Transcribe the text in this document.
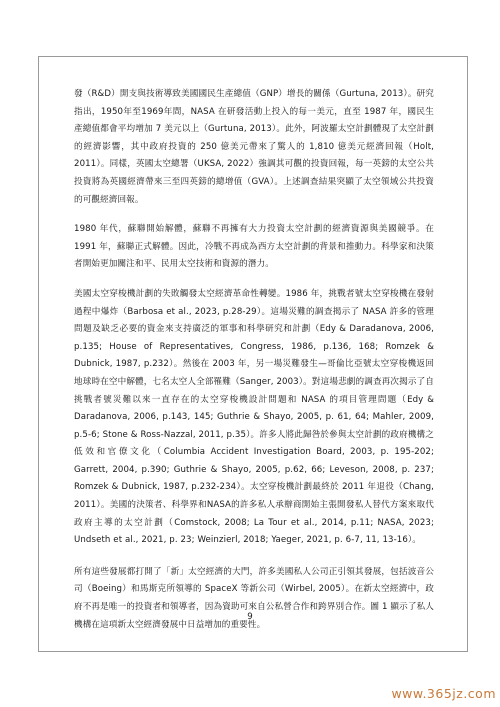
發（R&D）開支與技術導致美國國民生產總值（GNP）增長的關係（Gurtuna, 2013）。研究指出，1950年至1969年間，NASA 在研發活動上投入的每一美元，直至 1987 年，國民生產總值都會平均增加 7 美元以上（Gurtuna, 2013）。此外，阿波羅太空計劃體現了太空計劃的經濟影響，其中政府投資的 250 億美元帶來了驚人的 1,810 億美元經濟回報（Holt, 2011）。同樣，英國太空總署（UKSA, 2022）強調其可觀的投資回報，每一英鎊的太空公共投資將為英國經濟帶來三至四英鎊的總增值（GVA）。上述調查結果突顯了太空領域公共投資的可觀經濟回報。

1980 年代，蘇聯開始解體，蘇聯不再擁有大力投資太空計劃的經濟資源與美國競爭。在 1991 年，蘇聯正式解體。因此，冷戰不再成為西方太空計劃的背景和推動力。科學家和決策者開始更加關注和平、民用太空技術和資源的潛力。

美國太空穿梭機計劃的失敗觸發太空經濟革命性轉變。1986 年，挑戰者號太空穿梭機在發射過程中爆炸（Barbosa et al., 2023, p.28-29）。這場災難的調查揭示了 NASA 許多的管理問題及缺乏必要的資金來支持廣泛的軍事和科學研究和計劃（Edy & Daradanova, 2006, p.135; House of Representatives, Congress, 1986, p.136, 168; Romzek & Dubnick, 1987, p.232）。然後在 2003 年，另一場災難發生—哥倫比亞號太空穿梭機返回地球時在空中解體，七名太空人全部罹難（Sanger, 2003）。對這場悲劇的調查再次揭示了自挑戰者號災難以來一直存在的太空穿梭機設計問題和 NASA 的項目管理問題（Edy & Daradanova, 2006, p.143, 145; Guthrie & Shayo, 2005, p. 61, 64; Mahler, 2009, p.5-6; Stone & Ross-Nazzal, 2011, p.35）。許多人將此歸咎於參與太空計劃的政府機構之低效和官僚文化（Columbia Accident Investigation Board, 2003, p. 195-202; Garrett, 2004, p.390; Guthrie & Shayo, 2005, p.62, 66; Leveson, 2008, p. 237; Romzek & Dubnick, 1987, p.232-234）。太空穿梭機計劃最終於 2011 年退役（Chang, 2011）。美國的決策者、科學界和NASA的許多私人承辦商開始主張開發私人替代方案來取代政府主導的太空計劃（Comstock, 2008; La Tour et al., 2014, p.11; NASA, 2023; Undseth et al., 2021, p. 23; Weinzierl, 2018; Yaeger, 2021, p. 6-7, 11, 13-16）。

所有這些發展都打開了「新」太空經濟的大門，許多美國私人公司正引領其發展，包括波音公司（Boeing）和馬斯克所領導的 SpaceX 等新公司（Wirbel, 2005）。在新太空經濟中，政府不再是唯一的投資者和領導者，因為資助可來自公私營合作和跨界別合作。圖 1 顯示了私人機構在這項新太空經濟發展中日益增加的重要性。

9
www.365jz.com
